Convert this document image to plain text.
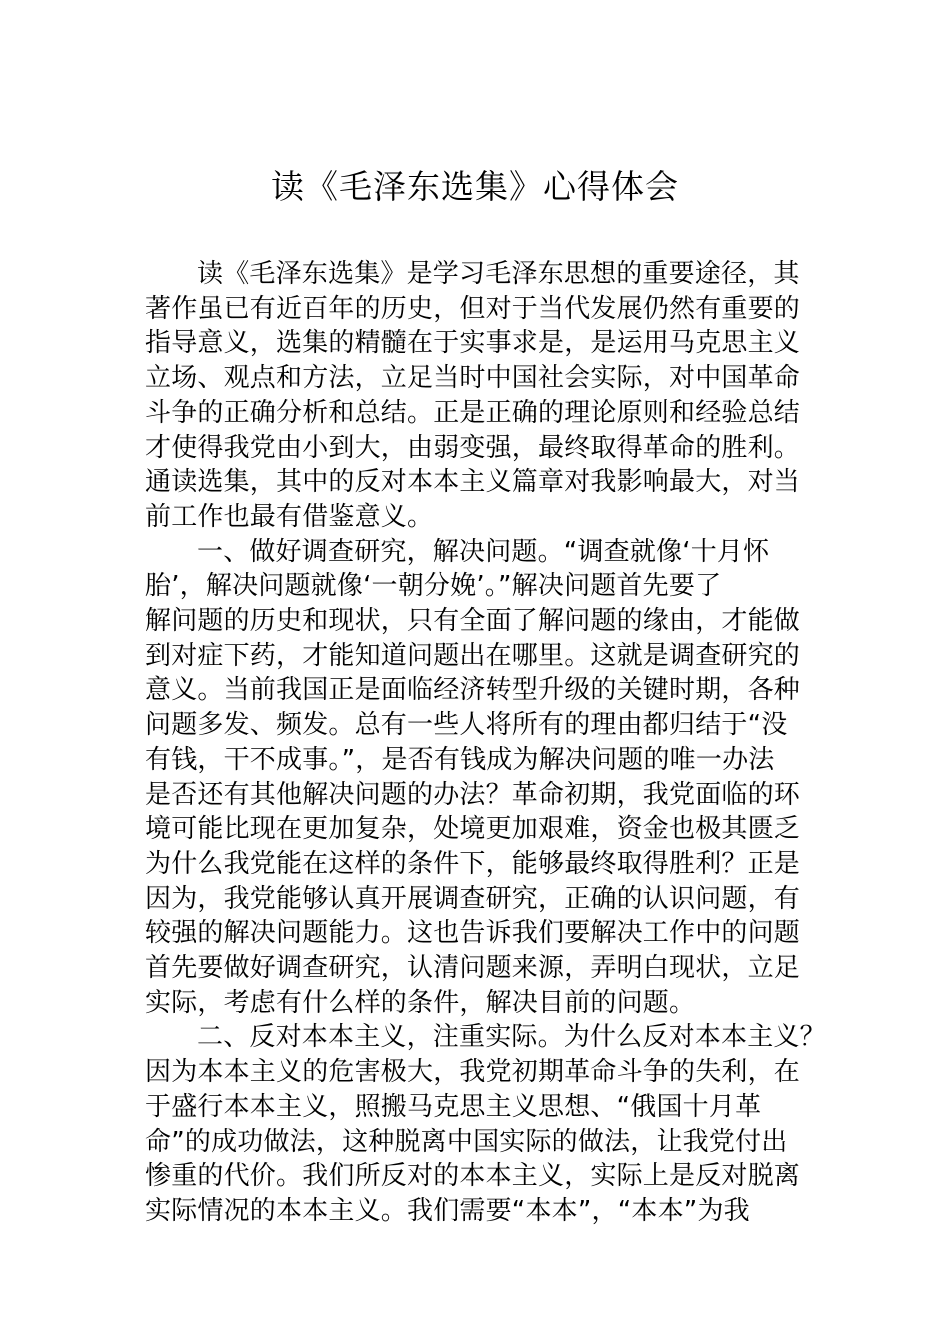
读《毛泽东选集》心得体会
读《毛泽东选集》是学习毛泽东思想的重要途径，其
著作虽已有近百年的历史，但对于当代发展仍然有重要的
指导意义，选集的精髓在于实事求是，是运用马克思主义
立场、观点和方法，立足当时中国社会实际，对中国革命
斗争的正确分析和总结。正是正确的理论原则和经验总结
才使得我党由小到大，由弱变强，最终取得革命的胜利。
通读选集，其中的反对本本主义篇章对我影响最大，对当
前工作也最有借鉴意义。
一、做好调查研究，解决问题。“调查就像‘十月怀
胎’，解决问题就像‘一朝分娩’。”解决问题首先要了
解问题的历史和现状，只有全面了解问题的缘由，才能做
到对症下药，才能知道问题出在哪里。这就是调查研究的
意义。当前我国正是面临经济转型升级的关键时期，各种
问题多发、频发。总有一些人将所有的理由都归结于“没
有钱，干不成事。”，是否有钱成为解决问题的唯一办法
是否还有其他解决问题的办法？革命初期，我党面临的环
境可能比现在更加复杂，处境更加艰难，资金也极其匮乏
为什么我党能在这样的条件下，能够最终取得胜利？正是
因为，我党能够认真开展调查研究，正确的认识问题，有
较强的解决问题能力。这也告诉我们要解决工作中的问题
首先要做好调查研究，认清问题来源，弄明白现状，立足
实际，考虑有什么样的条件，解决目前的问题。
二、反对本本主义，注重实际。为什么反对本本主义？
因为本本主义的危害极大，我党初期革命斗争的失利，在
于盛行本本主义，照搬马克思主义思想、“俄国十月革
命”的成功做法，这种脱离中国实际的做法，让我党付出
惨重的代价。我们所反对的本本主义，实际上是反对脱离
实际情况的本本主义。我们需要“本本”，“本本”为我
